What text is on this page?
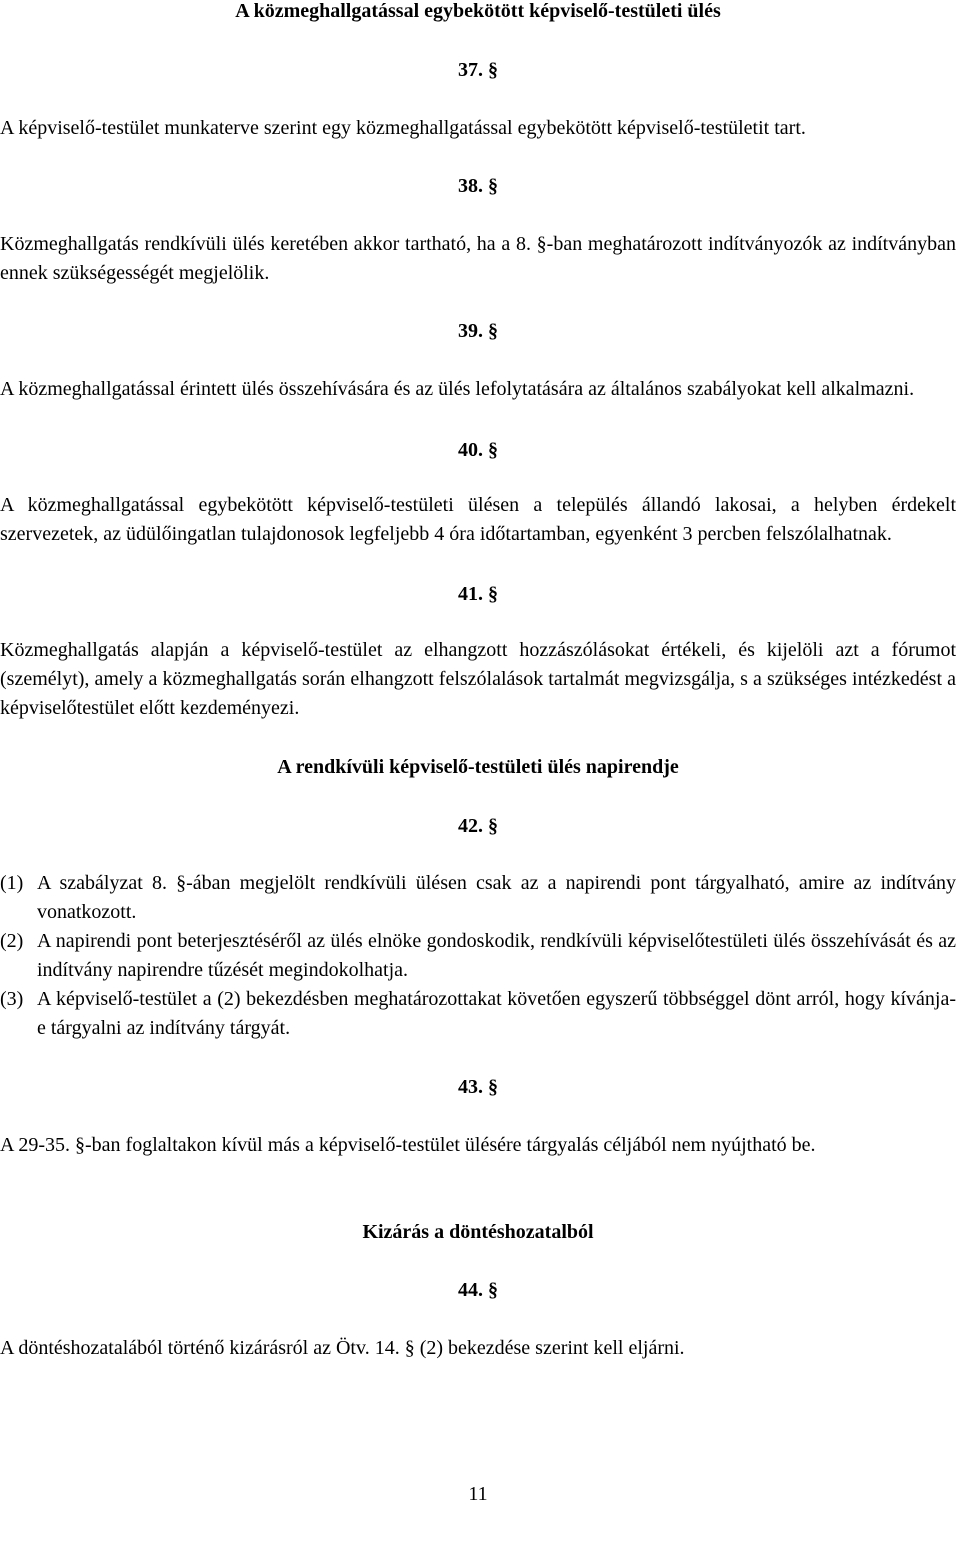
A közmeghallgatással egybekötött képviselő-testületi ülés
37. §
A képviselő-testület munkaterve szerint egy közmeghallgatással egybekötött képviselő-testületit tart.
38. §
Közmeghallgatás rendkívüli ülés keretében akkor tartható, ha a 8. §-ban meghatározott indítványozók az indítványban ennek szükségességét megjelölik.
39. §
A közmeghallgatással érintett ülés összehívására és az ülés lefolytatására az általános szabályokat kell alkalmazni.
40. §
A közmeghallgatással egybekötött képviselő-testületi ülésen a település állandó lakosai, a helyben érdekelt szervezetek, az üdülőingatlan tulajdonosok legfeljebb 4 óra időtartamban, egyenként 3 percben felszólalhatnak.
41. §
Közmeghallgatás alapján a képviselő-testület az elhangzott hozzászólásokat értékeli, és kijelöli azt a fórumot (személyt), amely a közmeghallgatás során elhangzott felszólalások tartalmát megvizsgálja, s a szükséges intézkedést a képviselőtestület előtt kezdeményezi.
A rendkívüli képviselő-testületi ülés napirendje
42. §
(1) A szabályzat 8. §-ában megjelölt rendkívüli ülésen csak az a napirendi pont tárgyalható, amire az indítvány vonatkozott.
(2) A napirendi pont beterjesztéséről az ülés elnöke gondoskodik, rendkívüli képviselőtestületi ülés összehívását és az indítvány napirendre tűzését megindokolhatja.
(3) A képviselő-testület a (2) bekezdésben meghatározottakat követően egyszerű többséggel dönt arról, hogy kívánja-e tárgyalni az indítvány tárgyát.
43. §
A 29-35. §-ban foglaltakon kívül más a képviselő-testület ülésére tárgyalás céljából nem nyújtható be.
Kizárás a döntéshozatalból
44. §
A döntéshozatalából történő kizárásról az Ötv. 14. § (2) bekezdése szerint kell eljárni.
11
